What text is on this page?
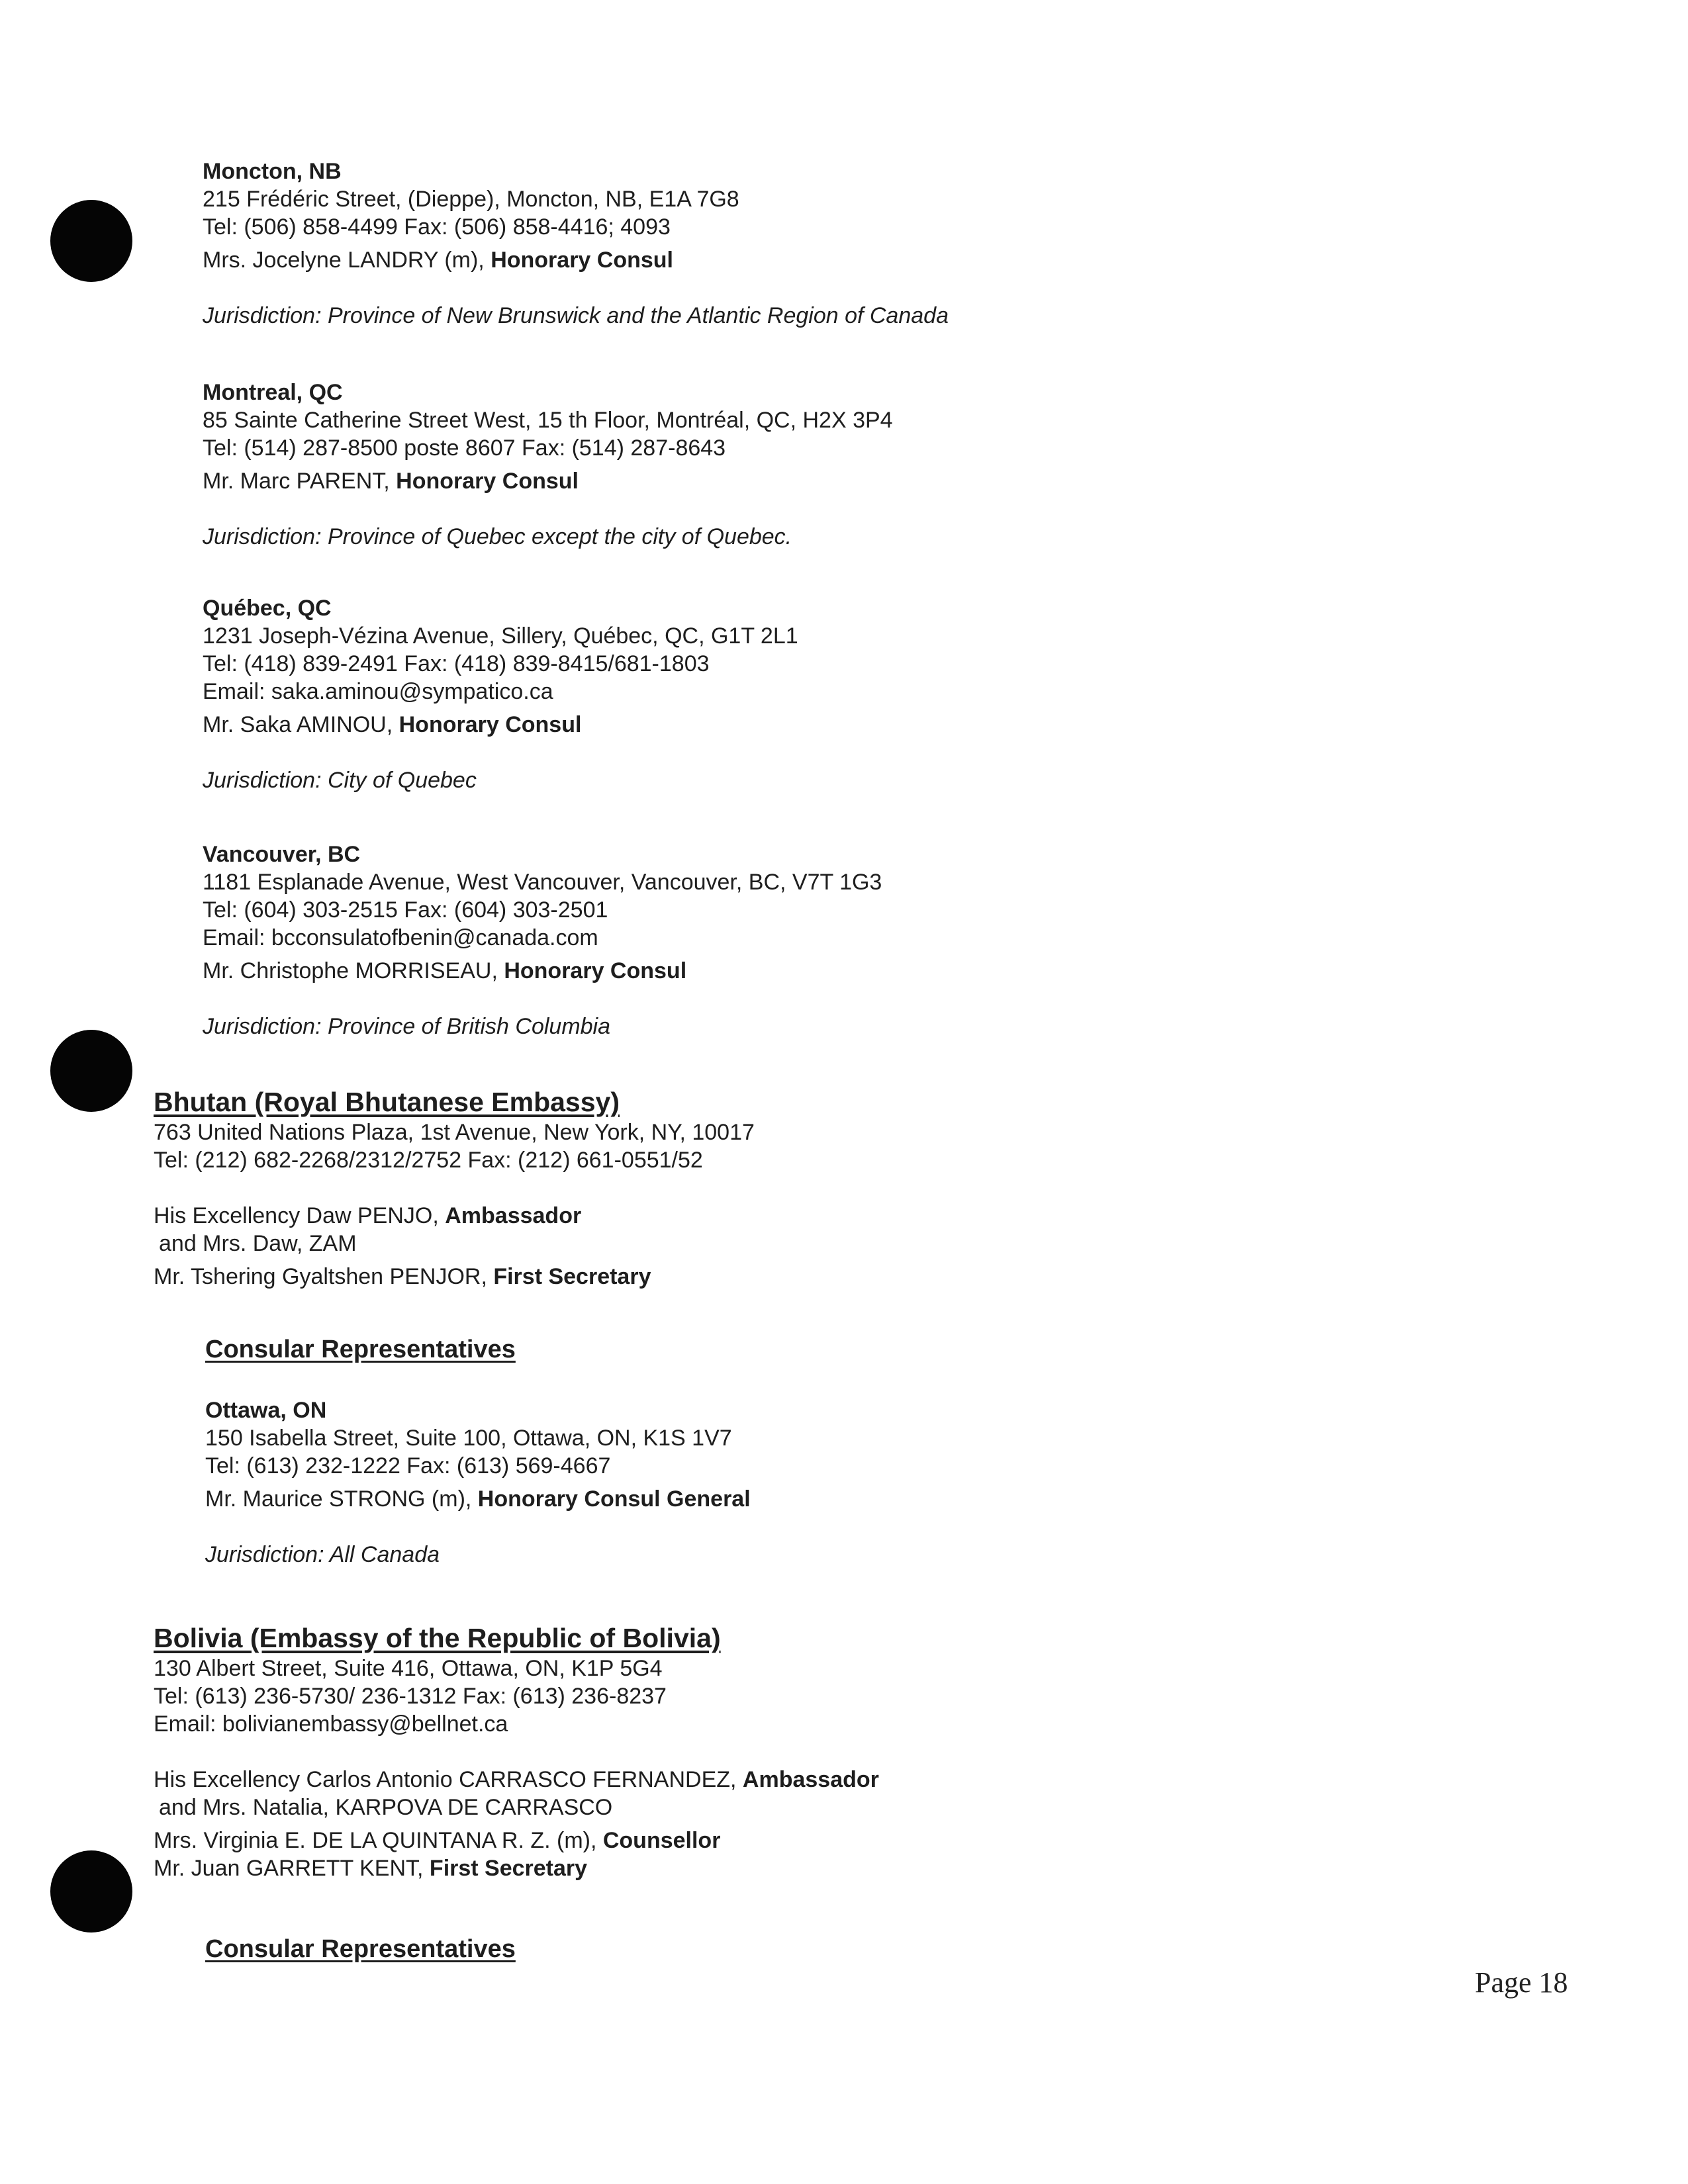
Moncton, NB
215 Frédéric Street, (Dieppe), Moncton, NB, E1A 7G8
Tel: (506) 858-4499 Fax: (506) 858-4416; 4093
Mrs. Jocelyne LANDRY (m), Honorary Consul
Jurisdiction: Province of New Brunswick and the Atlantic Region of Canada
Montreal, QC
85 Sainte Catherine Street West, 15 th Floor, Montréal, QC, H2X 3P4
Tel: (514) 287-8500 poste 8607 Fax: (514) 287-8643
Mr. Marc PARENT, Honorary Consul
Jurisdiction: Province of Quebec except the city of Quebec.
Québec, QC
1231 Joseph-Vézina Avenue, Sillery, Québec, QC, G1T 2L1
Tel: (418) 839-2491 Fax: (418) 839-8415/681-1803
Email: saka.aminou@sympatico.ca
Mr. Saka AMINOU, Honorary Consul
Jurisdiction: City of Quebec
Vancouver, BC
1181 Esplanade Avenue, West Vancouver, Vancouver, BC, V7T 1G3
Tel: (604) 303-2515 Fax: (604) 303-2501
Email: bcconsulatofbenin@canada.com
Mr. Christophe MORRISEAU, Honorary Consul
Jurisdiction: Province of British Columbia
Bhutan (Royal Bhutanese Embassy)
763 United Nations Plaza, 1st Avenue, New York, NY, 10017
Tel: (212) 682-2268/2312/2752 Fax: (212) 661-0551/52
His Excellency Daw PENJO, Ambassador
and Mrs. Daw, ZAM
Mr. Tshering Gyaltshen PENJOR, First Secretary
Consular Representatives
Ottawa, ON
150 Isabella Street, Suite 100, Ottawa, ON, K1S 1V7
Tel: (613) 232-1222 Fax: (613) 569-4667
Mr. Maurice STRONG (m), Honorary Consul General
Jurisdiction: All Canada
Bolivia (Embassy of the Republic of Bolivia)
130 Albert Street, Suite 416, Ottawa, ON, K1P 5G4
Tel: (613) 236-5730/ 236-1312 Fax: (613) 236-8237
Email: bolivianembassy@bellnet.ca
His Excellency Carlos Antonio CARRASCO FERNANDEZ, Ambassador
and Mrs. Natalia, KARPOVA DE CARRASCO
Mrs. Virginia E. DE LA QUINTANA R. Z. (m), Counsellor
Mr. Juan GARRETT KENT, First Secretary
Consular Representatives
Page 18
